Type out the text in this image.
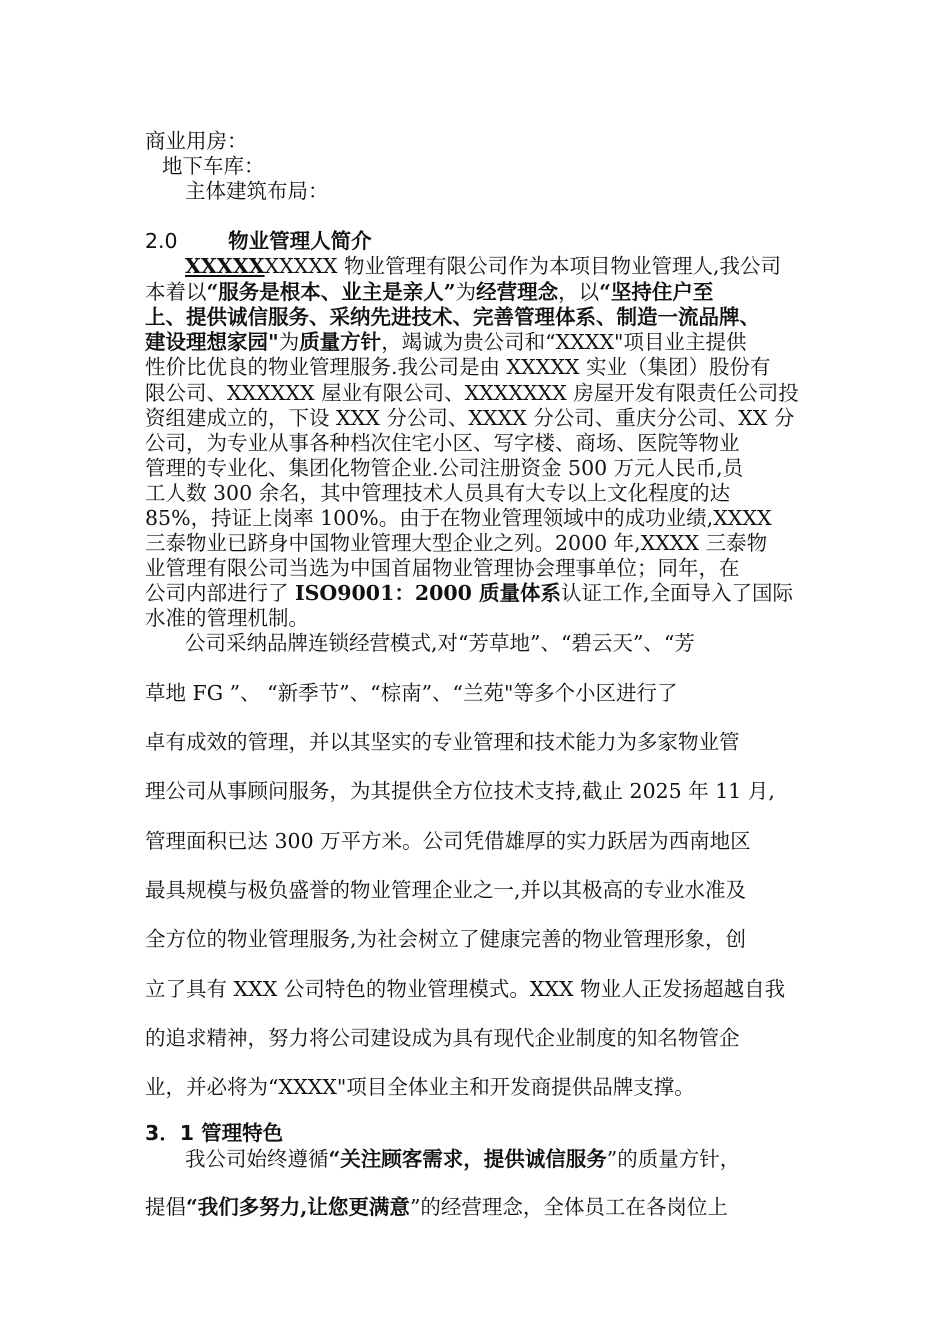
商业用房：
地下车库：
主体建筑布局：
2.0 物业管理人简介
XXXXXXXXXX 物业管理有限公司作为本项目物业管理人,我公司
本着以“服务是根本、业主是亲人”为经营理念，以“坚持住户至
上、提供诚信服务、采纳先进技术、完善管理体系、制造一流品牌、
建设理想家园"为质量方针，竭诚为贵公司和“XXXX"项目业主提供
性价比优良的物业管理服务.我公司是由 XXXXX 实业（集团）股份有
限公司、XXXXXX 屋业有限公司、XXXXXXX 房屋开发有限责任公司投
资组建成立的，下设 XXX 分公司、XXXX 分公司、重庆分公司、XX 分
公司，为专业从事各种档次住宅小区、写字楼、商场、医院等物业
管理的专业化、集团化物管企业.公司注册资金 500 万元人民币,员
工人数 300 余名，其中管理技术人员具有大专以上文化程度的达
85%，持证上岗率 100%。由于在物业管理领域中的成功业绩,XXXX
三泰物业已跻身中国物业管理大型企业之列。2000 年,XXXX 三泰物
业管理有限公司当选为中国首届物业管理协会理事单位；同年，在
公司内部进行了 ISO9001：2000 质量体系认证工作,全面导入了国际
水准的管理机制。
公司采纳品牌连锁经营模式,对“芳草地”、“碧云天”、“芳
草地 FG ”、 “新季节”、“棕南”、“兰苑"等多个小区进行了
卓有成效的管理，并以其坚实的专业管理和技术能力为多家物业管
理公司从事顾问服务，为其提供全方位技术支持,截止 2025 年 11 月,
管理面积已达 300 万平方米。公司凭借雄厚的实力跃居为西南地区
最具规模与极负盛誉的物业管理企业之一,并以其极高的专业水准及
全方位的物业管理服务,为社会树立了健康完善的物业管理形象，创
立了具有 XXX 公司特色的物业管理模式。XXX 物业人正发扬超越自我
的追求精神，努力将公司建设成为具有现代企业制度的知名物管企
业，并必将为“XXXX"项目全体业主和开发商提供品牌支撑。
3．1 管理特色
我公司始终遵循“关注顾客需求，提供诚信服务”的质量方针，
提倡“我们多努力,让您更满意”的经营理念，全体员工在各岗位上
